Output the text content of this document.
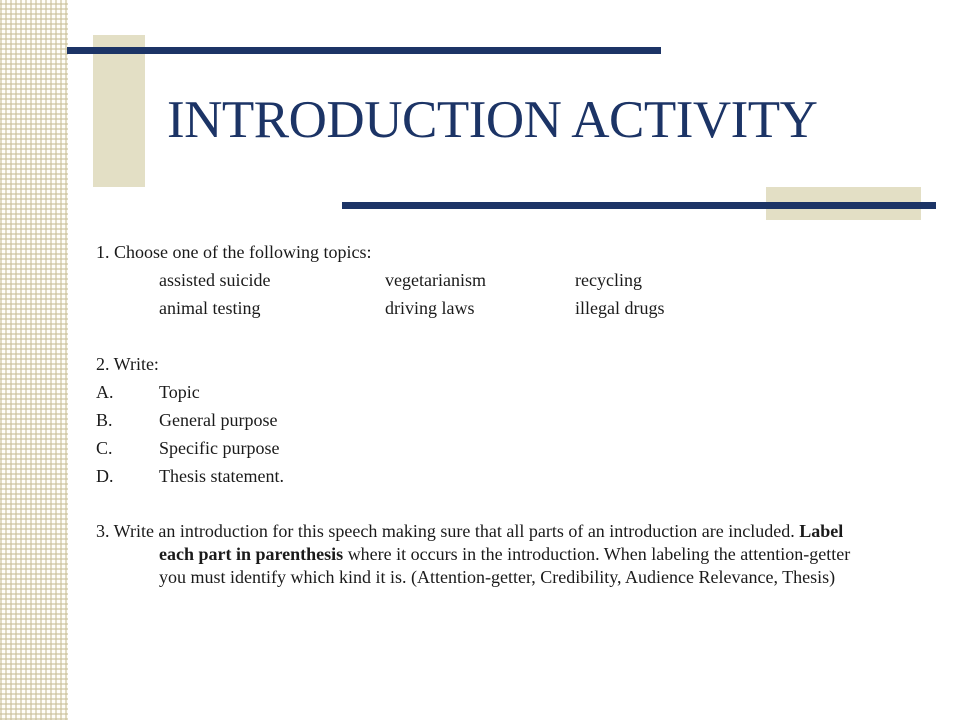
INTRODUCTION ACTIVITY
1. Choose one of the following topics:
assisted suicide	vegetarianism	recycling
animal testing	driving laws	illegal drugs
2. Write:
A.	Topic
B.	General purpose
C.	Specific purpose
D.	Thesis statement.
3. Write an introduction for this speech making sure that all parts of an introduction are included. Label each part in parenthesis where it occurs in the introduction. When labeling the attention-getter you must identify which kind it is. (Attention-getter, Credibility, Audience Relevance, Thesis)
